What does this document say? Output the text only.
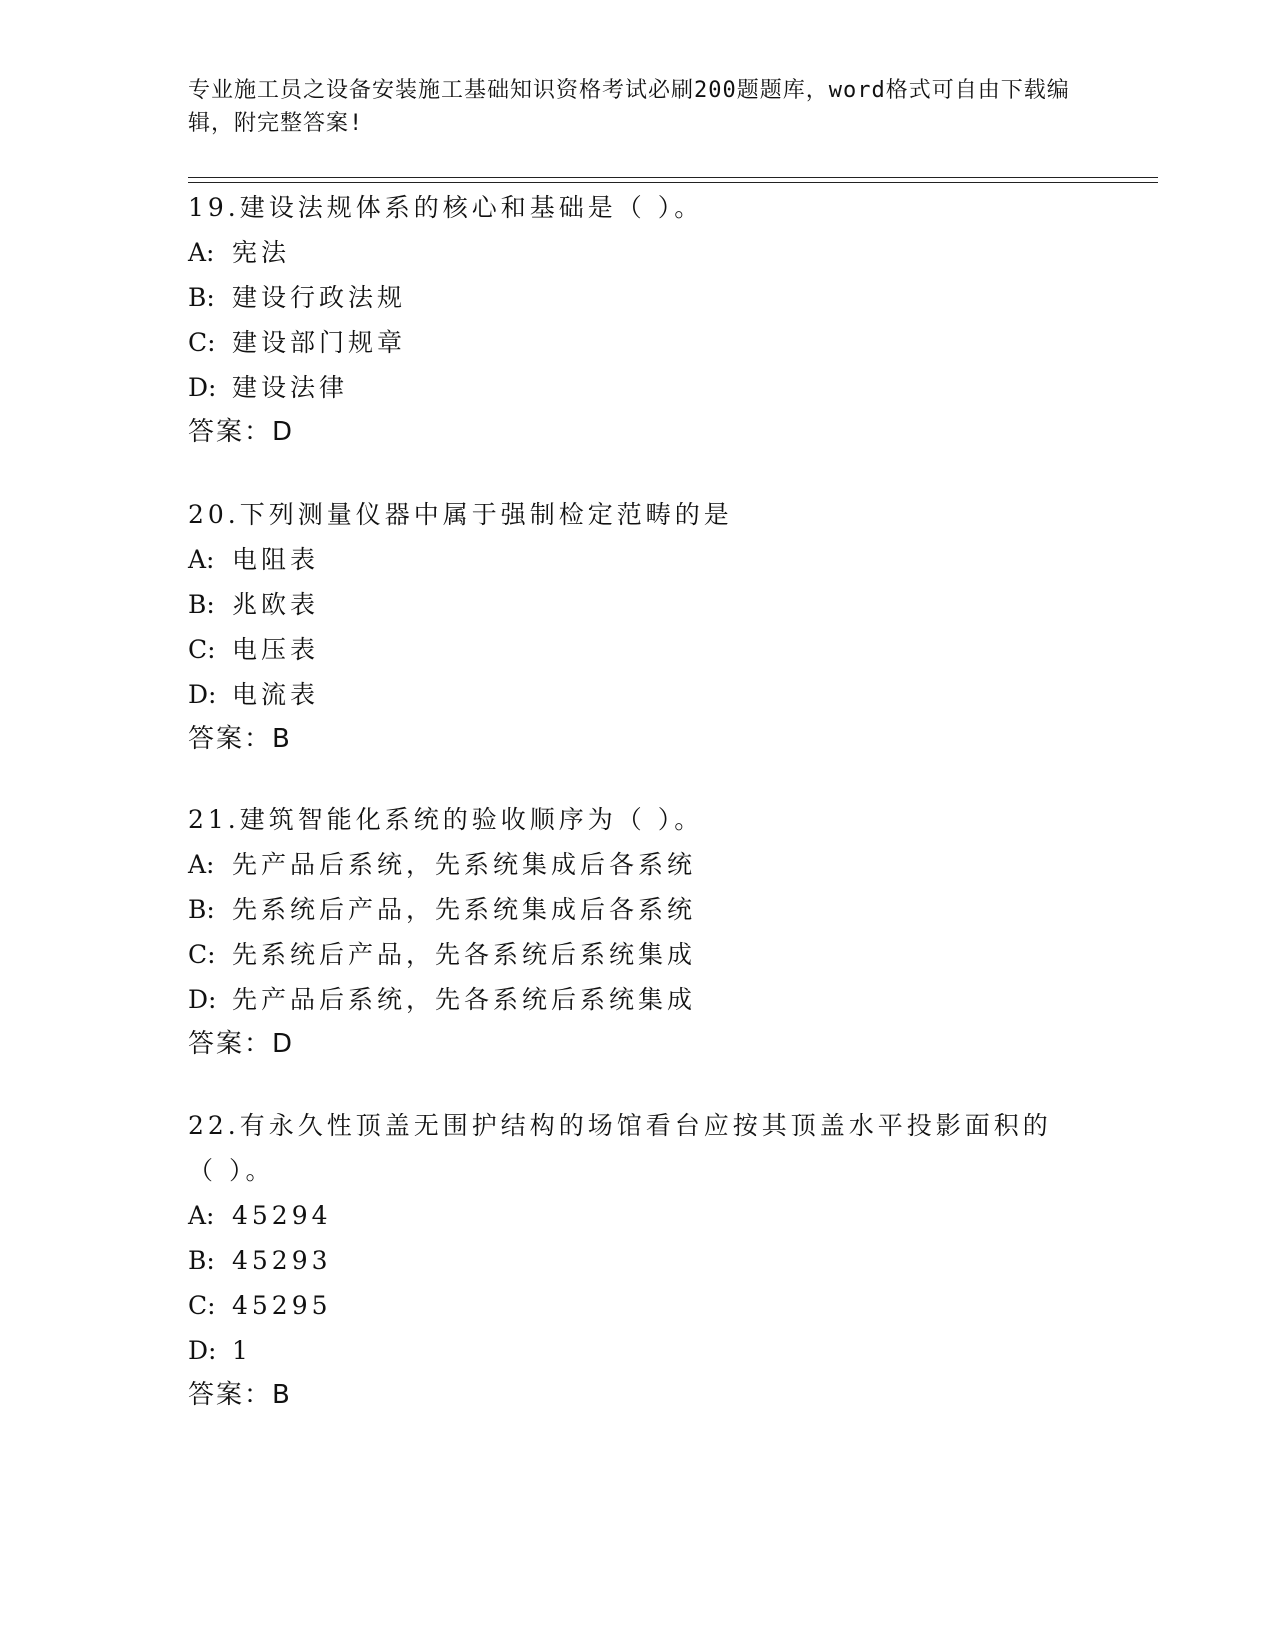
专业施工员之设备安装施工基础知识资格考试必刷200题题库，word格式可自由下载编辑，附完整答案!
19.建设法规体系的核心和基础是（ ）。
A: 宪法
B: 建设行政法规
C: 建设部门规章
D: 建设法律
答案：D
20.下列测量仪器中属于强制检定范畴的是
A: 电阻表
B: 兆欧表
C: 电压表
D: 电流表
答案：B
21.建筑智能化系统的验收顺序为（ ）。
A: 先产品后系统，先系统集成后各系统
B: 先系统后产品，先系统集成后各系统
C: 先系统后产品，先各系统后系统集成
D: 先产品后系统，先各系统后系统集成
答案：D
22.有永久性顶盖无围护结构的场馆看台应按其顶盖水平投影面积的（ ）。
A: 45294
B: 45293
C: 45295
D: 1
答案：B
